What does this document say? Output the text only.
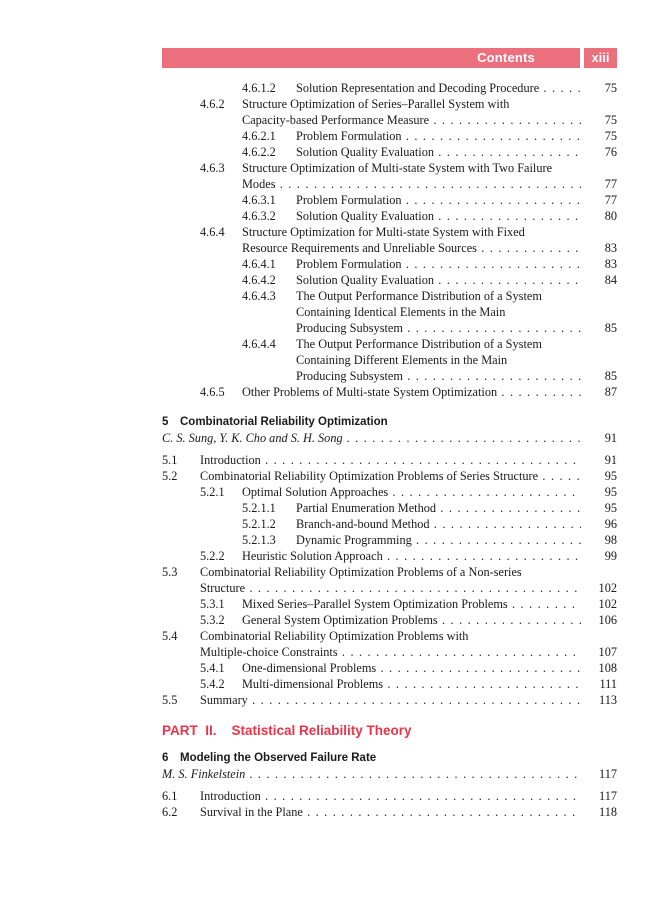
Contents	xiii
4.6.1.2 Solution Representation and Decoding Procedure . . .	75
4.6.2 Structure Optimization of Series–Parallel System with
Capacity-based Performance Measure . . .	75
4.6.2.1 Problem Formulation . . .	75
4.6.2.2 Solution Quality Evaluation . . .	76
4.6.3 Structure Optimization of Multi-state System with Two Failure
Modes . . .	77
4.6.3.1 Problem Formulation . . .	77
4.6.3.2 Solution Quality Evaluation . . .	80
4.6.4 Structure Optimization for Multi-state System with Fixed
Resource Requirements and Unreliable Sources . . .	83
4.6.4.1 Problem Formulation . . .	83
4.6.4.2 Solution Quality Evaluation . . .	84
4.6.4.3 The Output Performance Distribution of a System
Containing Identical Elements in the Main
Producing Subsystem . . .	85
4.6.4.4 The Output Performance Distribution of a System
Containing Different Elements in the Main
Producing Subsystem . . .	85
4.6.5 Other Problems of Multi-state System Optimization . . .	87
5 Combinatorial Reliability Optimization
C. S. Sung, Y. K. Cho and S. H. Song . . .	91
5.1 Introduction . . .	91
5.2 Combinatorial Reliability Optimization Problems of Series Structure . . .	95
5.2.1 Optimal Solution Approaches . . .	95
5.2.1.1 Partial Enumeration Method . . .	95
5.2.1.2 Branch-and-bound Method . . .	96
5.2.1.3 Dynamic Programming . . .	98
5.2.2 Heuristic Solution Approach . . .	99
5.3 Combinatorial Reliability Optimization Problems of a Non-series
Structure . . .	102
5.3.1 Mixed Series–Parallel System Optimization Problems . . .	102
5.3.2 General System Optimization Problems . . .	106
5.4 Combinatorial Reliability Optimization Problems with
Multiple-choice Constraints . . .	107
5.4.1 One-dimensional Problems . . .	108
5.4.2 Multi-dimensional Problems . . .	111
5.5 Summary . . .	113
PART  II.    Statistical Reliability Theory
6 Modeling the Observed Failure Rate
M. S. Finkelstein . . .	117
6.1 Introduction . . .	117
6.2 Survival in the Plane . . .	118
